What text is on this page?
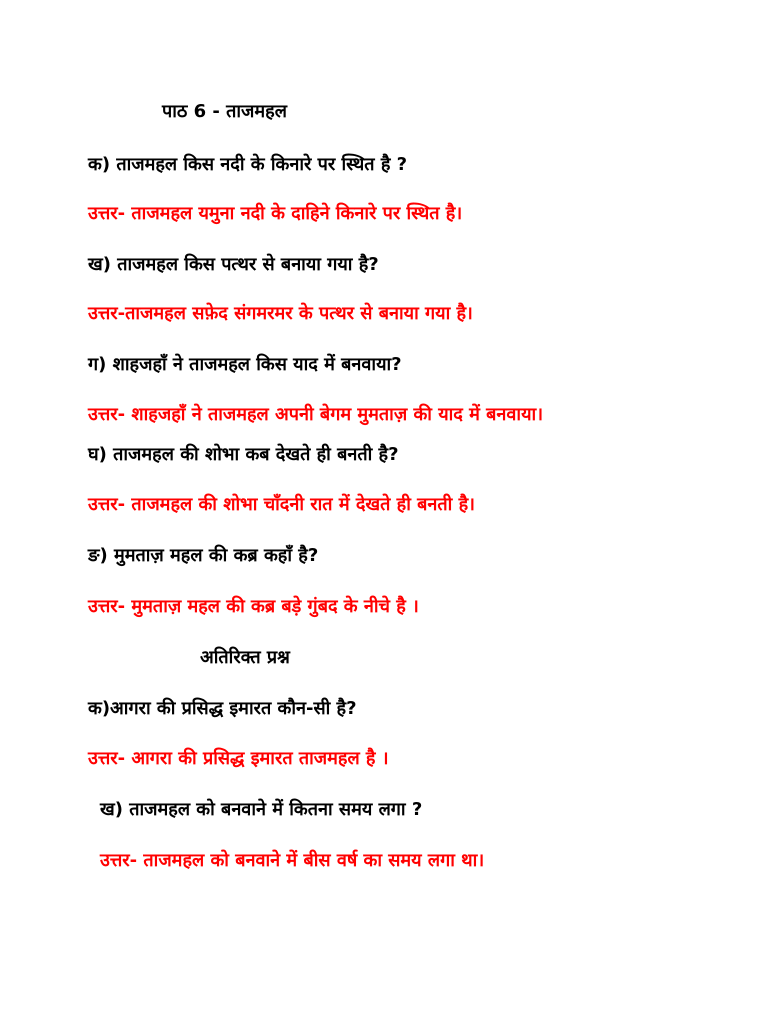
पाठ 6 - ताजमहल
क) ताजमहल किस नदी के किनारे पर स्थित है ?
उत्तर- ताजमहल यमुना नदी के दाहिने किनारे पर स्थित है।
ख) ताजमहल किस पत्थर से बनाया गया है?
उत्तर-ताजमहल सफ़ेद संगमरमर के पत्थर से बनाया गया है।
ग) शाहजहाँ ने ताजमहल किस याद में बनवाया?
उत्तर- शाहजहाँ ने ताजमहल अपनी बेगम मुमताज़ की याद में बनवाया।
घ) ताजमहल की शोभा कब देखते ही बनती है?
उत्तर- ताजमहल की शोभा चाँदनी रात में देखते ही बनती है।
ङ) मुमताज़ महल की कब्र कहाँ है?
उत्तर- मुमताज़ महल की कब्र बड़े गुंबद के नीचे है ।
अतिरिक्त प्रश्न
क)आगरा की प्रसिद्ध इमारत कौन-सी है?
उत्तर- आगरा की प्रसिद्ध इमारत ताजमहल है ।
ख) ताजमहल को बनवाने में कितना समय लगा ?
उत्तर- ताजमहल को बनवाने में बीस वर्ष का समय लगा था।
